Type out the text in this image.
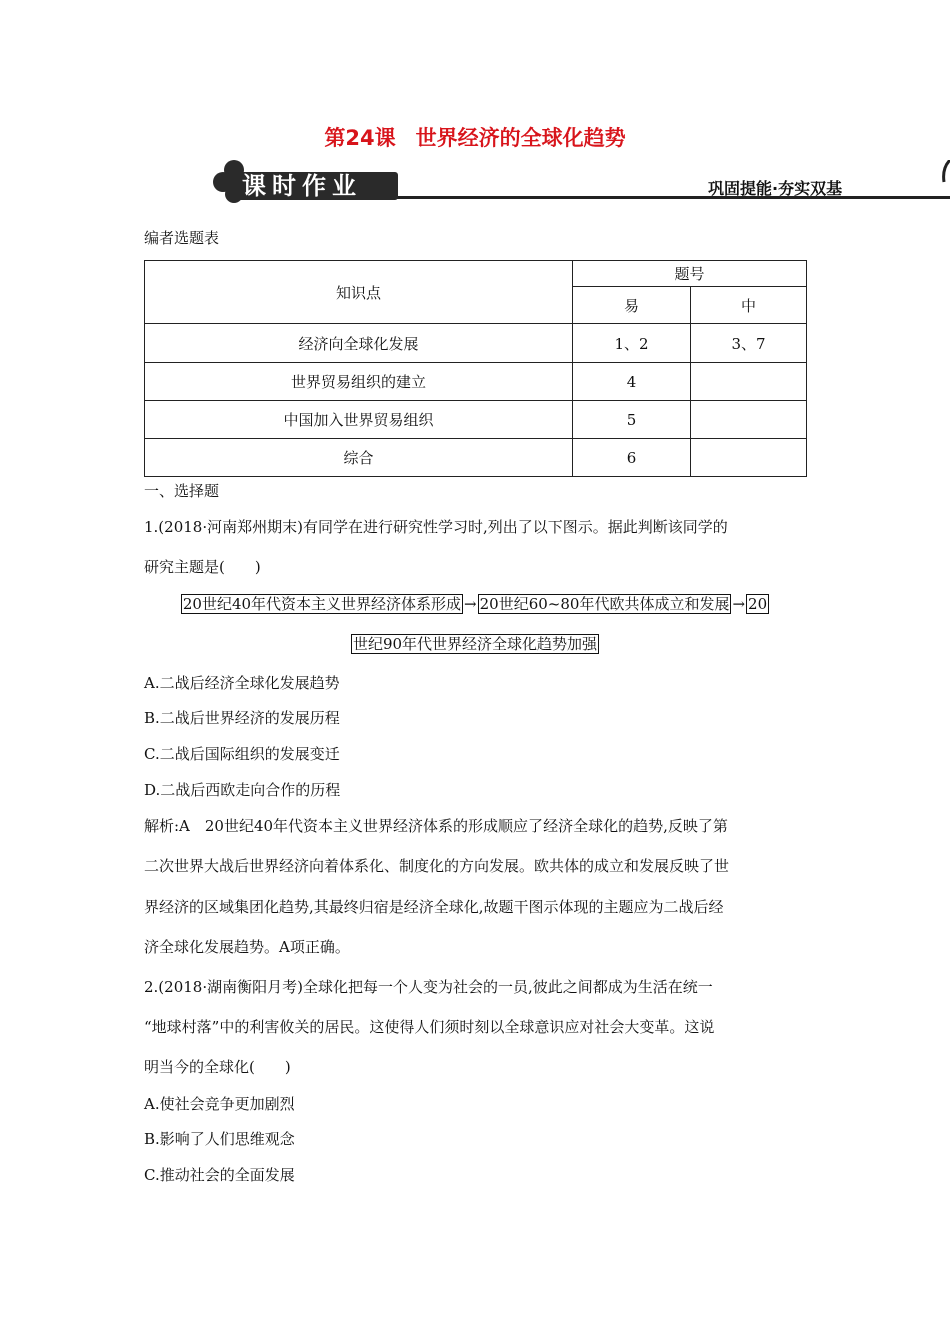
第24课 世界经济的全球化趋势
课时作业	巩固提能·夯实双基
编者选题表
知识点	题号	
	易	中
经济向全球化发展	1、2	3、7
世界贸易组织的建立	4	
中国加入世界贸易组织	5	
综合	6	
一、选择题
1.(2018·河南郑州期末)有同学在进行研究性学习时,列出了以下图示。据此判断该同学的
研究主题是(　　)
20世纪40年代资本主义世界经济体系形成 → 20世纪60~80年代欧共体成立和发展 → 20
世纪90年代世界经济全球化趋势加强
A.二战后经济全球化发展趋势
B.二战后世界经济的发展历程
C.二战后国际组织的发展变迁
D.二战后西欧走向合作的历程
解析:A　20世纪40年代资本主义世界经济体系的形成顺应了经济全球化的趋势,反映了第
二次世界大战后世界经济向着体系化、制度化的方向发展。欧共体的成立和发展反映了世
界经济的区域集团化趋势,其最终归宿是经济全球化,故题干图示体现的主题应为二战后经
济全球化发展趋势。A项正确。
2.(2018·湖南衡阳月考)全球化把每一个人变为社会的一员,彼此之间都成为生活在统一
“地球村落”中的利害攸关的居民。这使得人们须时刻以全球意识应对社会大变革。这说
明当今的全球化(　　)
A.使社会竞争更加剧烈
B.影响了人们思维观念
C.推动社会的全面发展
